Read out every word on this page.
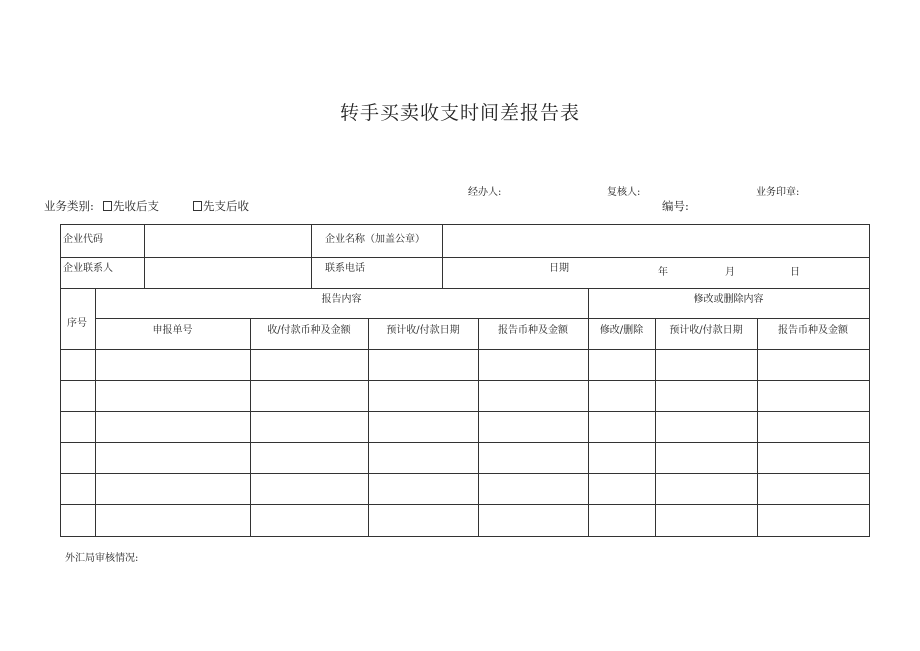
转手买卖收支时间差报告表
经办人:	复核人:	业务印章:
业务类别:	先收后支	先支后收	编号:
企业代码	企业名称（加盖公章）
企业联系人	联系电话	日期	年	月	日
序号
报告内容	修改或删除内容
申报单号	收/付款币种及金额	预计收/付款日期	报告币种及金额	修改/删除	预计收/付款日期	报告币种及金额
外汇局审核情况:
